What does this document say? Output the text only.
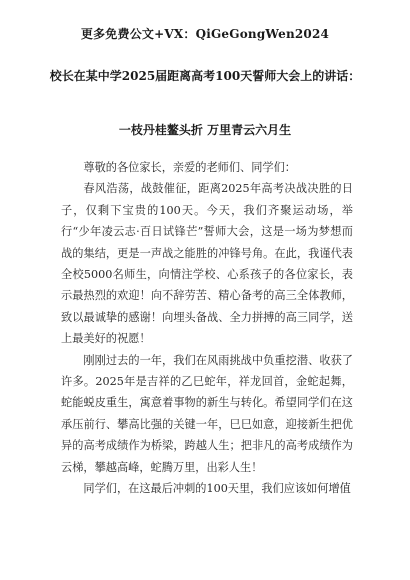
更多免费公文+VX：QiGeGongWen2024
校长在某中学2025届距离高考100天誓师大会上的讲话：
一枝丹桂鳌头折 万里青云六月生

尊敬的各位家长，亲爱的老师们、同学们：

春风浩荡，战鼓催征，距离2025年高考决战决胜的日子，仅剩下宝贵的100天。今天，我们齐聚运动场，举行“少年凌云志·百日试锋芒”誓师大会，这是一场为梦想而战的集结，更是一声战之能胜的冲锋号角。在此，我谨代表全校5000名师生，向情注学校、心系孩子的各位家长，表示最热烈的欢迎！向不辞劳苦、精心备考的高三全体教师，致以最诚挚的感谢！向埋头备战、全力拼搏的高三同学，送上最美好的祝愿！

刚刚过去的一年，我们在风雨挑战中负重挖潜、收获了许多。2025年是吉祥的乙巳蛇年，祥龙回首，金蛇起舞，蛇能蜕皮重生，寓意着事物的新生与转化。希望同学们在这承压前行、攀高比强的关键一年，巳巳如意，迎接新生把优异的高考成绩作为桥梁，跨越人生；把非凡的高考成绩作为云梯，攀越高峰，蛇腾万里，出彩人生！

同学们，在这最后冲刺的100天里，我们应该如何增值
